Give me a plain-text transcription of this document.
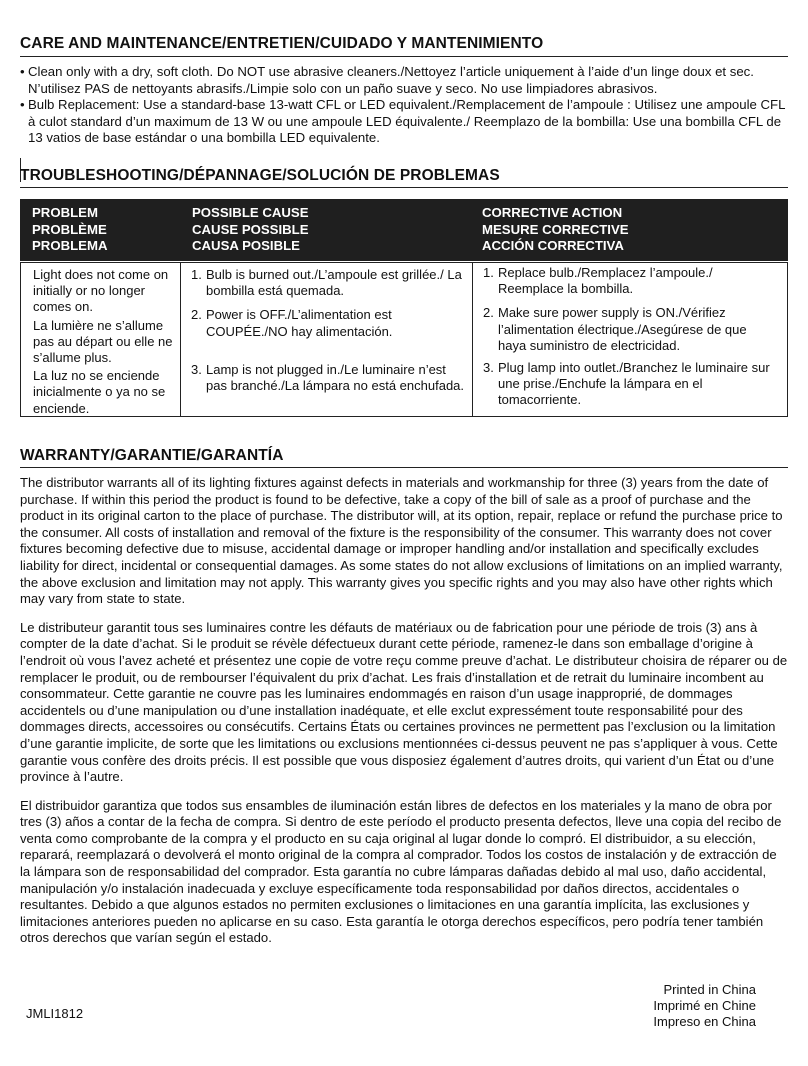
CARE AND MAINTENANCE/ENTRETIEN/CUIDADO Y MANTENIMIENTO
• Clean only with a dry, soft cloth. Do NOT use abrasive cleaners./Nettoyez l’article uniquement à l’aide d’un linge doux et sec. N’utilisez PAS de nettoyants abrasifs./Limpie solo con un paño suave y seco. No use limpiadores abrasivos.
• Bulb Replacement: Use a standard-base 13-watt CFL or LED equivalent./Remplacement de l’ampoule : Utilisez une ampoule CFL à culot standard d’un maximum de 13 W ou une ampoule LED équivalente./ Reemplazo de la bombilla: Use una bombilla CFL de 13 vatios de base estándar o una bombilla LED equivalente.
TROUBLESHOOTING/DÉPANNAGE/SOLUCIÓN DE PROBLEMAS
PROBLEM
PROBLÈME
PROBLEMA
POSSIBLE CAUSE
CAUSE POSSIBLE
CAUSA POSIBLE
CORRECTIVE ACTION
MESURE CORRECTIVE
ACCIÓN CORRECTIVA

Light does not come on initially or no longer comes on.

La lumière ne s’allume pas au départ ou elle ne s’allume plus.

La luz no se enciende inicialmente o ya no se enciende.

1. Bulb is burned out./L’ampoule est grillée./ La bombilla está quemada.
2. Power is OFF./L’alimentation est COUPÉE./NO hay alimentación.
3. Lamp is not plugged in./Le luminaire n’est pas branché./La lámpara no está enchufada.
1. Replace bulb./Remplacez l’ampoule./ Reemplace la bombilla.
2. Make sure power supply is ON./Vérifiez l’alimentation électrique./Asegúrese de que haya suministro de electricidad.
3. Plug lamp into outlet./Branchez le luminaire sur une prise./Enchufe la lámpara en el tomacorriente.
WARRANTY/GARANTIE/GARANTÍA

The distributor warrants all of its lighting fixtures against defects in materials and workmanship for three (3) years from the date of purchase. If within this period the product is found to be defective, take a copy of the bill of sale as a proof of purchase and the product in its original carton to the place of purchase. The distributor will, at its option, repair, replace or refund the purchase price to the consumer. All costs of installation and removal of the fixture is the responsibility of the consumer. This warranty does not cover fixtures becoming defective due to misuse, accidental damage or improper handling and/or installation and specifically excludes liability for direct, incidental or consequential damages. As some states do not allow exclusions of limitations on an implied warranty, the above exclusion and limitation may not apply. This warranty gives you specific rights and you may also have other rights which may vary from state to state.

Le distributeur garantit tous ses luminaires contre les défauts de matériaux ou de fabrication pour une période de trois (3) ans à compter de la date d’achat. Si le produit se révèle défectueux durant cette période, ramenez-le dans son emballage d’origine à l’endroit où vous l’avez acheté et présentez une copie de votre reçu comme preuve d’achat. Le distributeur choisira de réparer ou de remplacer le produit, ou de rembourser l’équivalent du prix d’achat. Les frais d’installation et de retrait du luminaire incombent au consommateur. Cette garantie ne couvre pas les luminaires endommagés en raison d’un usage inapproprié, de dommages accidentels ou d’une manipulation ou d’une installation inadéquate, et elle exclut expressément toute responsabilité pour des dommages directs, accessoires ou consécutifs. Certains États ou certaines provinces ne permettent pas l’exclusion ou la limitation d’une garantie implicite, de sorte que les limitations ou exclusions mentionnées ci-dessus peuvent ne pas s’appliquer à vous. Cette garantie vous confère des droits précis. Il est possible que vous disposiez également d’autres droits, qui varient d’un État ou d’une province à l’autre.

El distribuidor garantiza que todos sus ensambles de iluminación están libres de defectos en los materiales y la mano de obra por tres (3) años a contar de la fecha de compra. Si dentro de este período el producto presenta defectos, lleve una copia del recibo de venta como comprobante de la compra y el producto en su caja original al lugar donde lo compró. El distribuidor, a su elección, reparará, reemplazará o devolverá el monto original de la compra al comprador. Todos los costos de instalación y de extracción de la lámpara son de responsabilidad del comprador. Esta garantía no cubre lámparas dañadas debido al mal uso, daño accidental, manipulación y/o instalación inadecuada y excluye específicamente toda responsabilidad por daños directos, accidentales o resultantes. Debido a que algunos estados no permiten exclusiones o limitaciones en una garantía implícita, las exclusiones y limitaciones anteriores pueden no aplicarse en su caso. Esta garantía le otorga derechos específicos, pero podría tener también otros derechos que varían según el estado.

JMLI1812
Printed in China
Imprimé en Chine
Impreso en China
